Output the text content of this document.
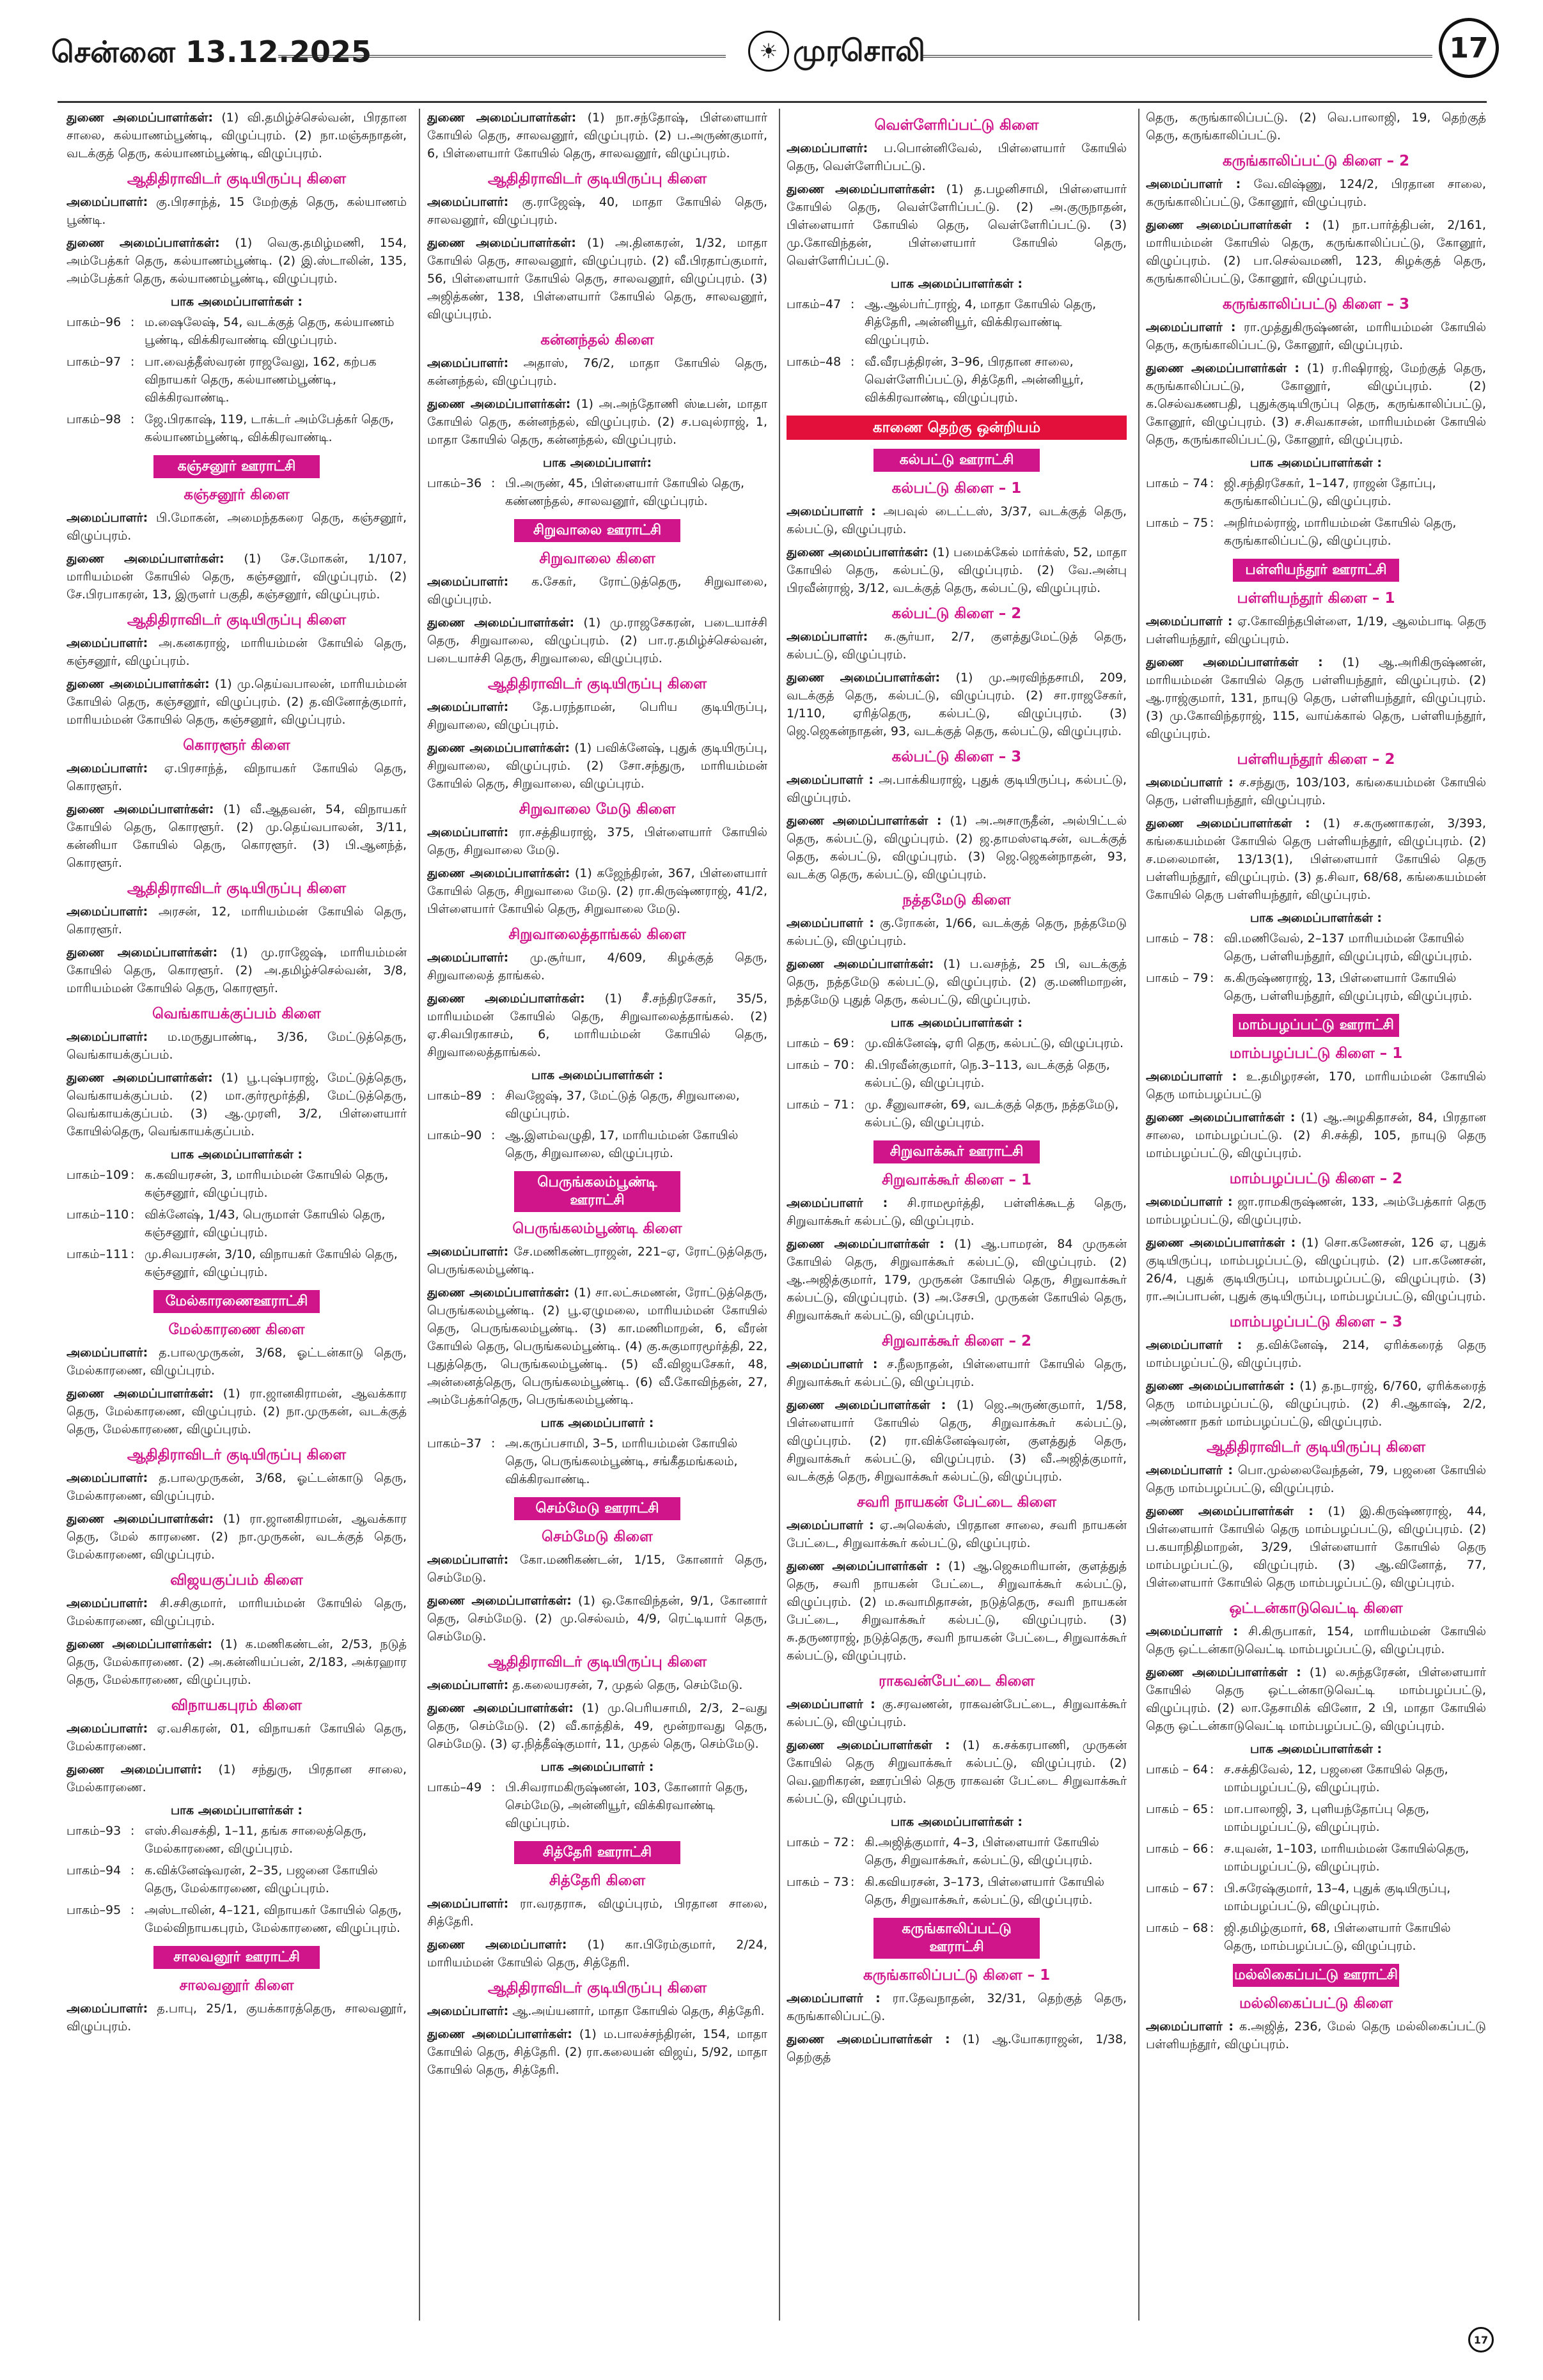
சென்னை 13.12.2025	☀ முரசொலி	17

துணை அமைப்பாளர்கள்: (1) வி.தமிழ்ச்செல்வன், பிரதான சாலை, கல்யாணம்பூண்டி, விழுப்புரம். (2) நா.மஞ்சுநாதன், வடக்குத் தெரு, கல்யாணம்பூண்டி, விழுப்புரம்.

ஆதிதிராவிடர் குடியிருப்பு கிளை

அமைப்பாளர்: கு.பிரசாந்த், 15 மேற்குத் தெரு, கல்யாணம் பூண்டி.

துணை அமைப்பாளர்கள்: (1) வெகு.தமிழ்மணி, 154, அம்பேத்கர் தெரு, கல்யாணம்பூண்டி. (2) இ.ஸ்டாலின், 135, அம்பேத்கர் தெரு, கல்யாணம்பூண்டி, விழுப்புரம்.

பாக அமைப்பாளர்கள் :
பாகம்–96 : ம.ஷைலேஷ், 54, வடக்குத் தெரு, கல்யாணம் பூண்டி, விக்கிரவாண்டி விழுப்புரம்.
பாகம்–97 : பா.வைத்தீஸ்வரன் ராஜவேலு, 162, கற்பக விநாயகர் தெரு, கல்யாணம்பூண்டி, விக்கிரவாண்டி.
பாகம்–98 : ஜே.பிரகாஷ், 119, டாக்டர் அம்பேத்கர் தெரு, கல்யாணம்பூண்டி, விக்கிரவாண்டி.
கஞ்சனூர் ஊராட்சி
கஞ்சனூர் கிளை

அமைப்பாளர்: பி.மோகன், அமைந்தகரை தெரு, கஞ்சனூர், விழுப்புரம்.

துணை அமைப்பாளர்கள்: (1) சே.மோகன், 1/107, மாரியம்மன் கோயில் தெரு, கஞ்சனூர், விழுப்புரம். (2) சே.பிரபாகரன், 13, இருளர் பகுதி, கஞ்சனூர், விழுப்புரம்.

ஆதிதிராவிடர் குடியிருப்பு கிளை

அமைப்பாளர்: அ.கனகராஜ், மாரியம்மன் கோயில் தெரு, கஞ்சனூர், விழுப்புரம்.

துணை அமைப்பாளர்கள்: (1) மு.தெய்வபாலன், மாரியம்மன் கோயில் தெரு, கஞ்சனூர், விழுப்புரம். (2) த.வினோத்குமார், மாரியம்மன் கோயில் தெரு, கஞ்சனூர், விழுப்புரம்.

கொரளூர் கிளை

அமைப்பாளர்: ஏ.பிரசாந்த், விநாயகர் கோயில் தெரு, கொரளூர்.

துணை அமைப்பாளர்கள்: (1) வீ.ஆதவன், 54, விநாயகர் கோயில் தெரு, கொரளூர். (2) மு.தெய்வபாலன், 3/11, கன்னியா கோயில் தெரு, கொரளூர். (3) பி.ஆனந்த், கொரளூர்.

ஆதிதிராவிடர் குடியிருப்பு கிளை

அமைப்பாளர்: அரசன், 12, மாரியம்மன் கோயில் தெரு, கொரளூர்.

துணை அமைப்பாளர்கள்: (1) மு.ராஜேஷ், மாரியம்மன் கோயில் தெரு, கொரளூர். (2) அ.தமிழ்ச்செல்வன், 3/8, மாரியம்மன் கோயில் தெரு, கொரளூர்.

வெங்காயக்குப்பம் கிளை

அமைப்பாளர்: ம.மருதுபாண்டி, 3/36, மேட்டுத்தெரு, வெங்காயக்குப்பம்.

துணை அமைப்பாளர்கள்: (1) பூ.புஷ்பராஜ், மேட்டுத்தெரு, வெங்காயக்குப்பம். (2) மா.குர்ரமூர்த்தி, மேட்டுத்தெரு, வெங்காயக்குப்பம். (3) ஆ.முரளி, 3/2, பிள்ளையார் கோயில்தெரு, வெங்காயக்குப்பம்.

பாக அமைப்பாளர்கள் :
பாகம்–109 : க.கவியரசன், 3, மாரியம்மன் கோயில் தெரு, கஞ்சனூர், விழுப்புரம்.
பாகம்–110 : விக்னேஷ், 1/43, பெருமாள் கோயில் தெரு, கஞ்சனூர், விழுப்புரம்.
பாகம்–111 : மு.சிவபரசன், 3/10, விநாயகர் கோயில் தெரு, கஞ்சனூர், விழுப்புரம்.
மேல்காரணைஊராட்சி
மேல்காரணை கிளை

அமைப்பாளர்: த.பாலமுருகன், 3/68, ஓட்டன்காடு தெரு, மேல்காரணை, விழுப்புரம்.

துணை அமைப்பாளர்கள்: (1) ரா.ஜானகிராமன், ஆவக்கார தெரு, மேல்காரணை, விழுப்புரம். (2) நா.முருகன், வடக்குத் தெரு, மேல்காரணை, விழுப்புரம்.

ஆதிதிராவிடர் குடியிருப்பு கிளை

அமைப்பாளர்: த.பாலமுருகன், 3/68, ஓட்டன்காடு தெரு, மேல்காரணை, விழுப்புரம்.

துணை அமைப்பாளர்கள்: (1) ரா.ஜானகிராமன், ஆவக்கார தெரு, மேல் காரணை. (2) நா.முருகன், வடக்குத் தெரு, மேல்காரணை, விழுப்புரம்.

விஜயகுப்பம் கிளை

அமைப்பாளர்: சி.சசிகுமார், மாரியம்மன் கோயில் தெரு, மேல்காரணை, விழுப்புரம்.

துணை அமைப்பாளர்கள்: (1) க.மணிகண்டன், 2/53, நடுத் தெரு, மேல்காரணை. (2) அ.கன்னியப்பன், 2/183, அக்ரஹார தெரு, மேல்காரணை, விழுப்புரம்.

விநாயகபுரம் கிளை

அமைப்பாளர்: ஏ.வசிகரன், 01, விநாயகர் கோயில் தெரு, மேல்காரணை.

துணை அமைப்பாளர்: (1) சந்துரு, பிரதான சாலை, மேல்காரணை.

பாக அமைப்பாளர்கள் :
பாகம்–93 : எஸ்.சிவசக்தி, 1–11, தங்க சாலைத்தெரு, மேல்காரணை, விழுப்புரம்.
பாகம்–94 : க.விக்னேஷ்வரன், 2–35, பஜனை கோயில் தெரு, மேல்காரணை, விழுப்புரம்.
பாகம்–95 : அஸ்டாலின், 4–121, விநாயகர் கோயில் தெரு, மேல்விநாயகபுரம், மேல்காரணை, விழுப்புரம்.
சாலவனூர் ஊராட்சி
சாலவனூர் கிளை

அமைப்பாளர்: த.பாபு, 25/1, குயக்காரத்தெரு, சாலவனூர், விழுப்புரம்.

துணை அமைப்பாளர்கள்: (1) நா.சந்தோஷ், பிள்ளையார் கோயில் தெரு, சாலவனூர், விழுப்புரம். (2) ப.அருண்குமார், 6, பிள்ளையார் கோயில் தெரு, சாலவனூர், விழுப்புரம்.

ஆதிதிராவிடர் குடியிருப்பு கிளை

அமைப்பாளர்: கு.ராஜேஷ், 40, மாதா கோயில் தெரு, சாலவனூர், விழுப்புரம்.

துணை அமைப்பாளர்கள்: (1) அ.தினகரன், 1/32, மாதா கோயில் தெரு, சாலவனூர், விழுப்புரம். (2) வீ.பிரதாப்குமார், 56, பிள்ளையார் கோயில் தெரு, சாலவனூர், விழுப்புரம். (3) அஜித்கண், 138, பிள்ளையார் கோயில் தெரு, சாலவனூர், விழுப்புரம்.

கன்னந்தல் கிளை

அமைப்பாளர்: அதாஸ், 76/2, மாதா கோயில் தெரு, கன்னந்தல், விழுப்புரம்.

துணை அமைப்பாளர்கள்: (1) அ.அந்தோணி ஸ்டீபன், மாதா கோயில் தெரு, கன்னந்தல், விழுப்புரம். (2) ச.பவுல்ராஜ், 1, மாதா கோயில் தெரு, கன்னந்தல், விழுப்புரம்.

பாக அமைப்பாளர்:
பாகம்–36 : பி.அருண், 45, பிள்ளையார் கோயில் தெரு, கண்ணந்தல், சாலவனூர், விழுப்புரம்.
சிறுவாலை ஊராட்சி
சிறுவாலை கிளை

அமைப்பாளர்: க.சேகர், ரோட்டுத்தெரு, சிறுவாலை, விழுப்புரம்.

துணை அமைப்பாளர்கள்: (1) மு.ராஜசேகரன், படையாச்சி தெரு, சிறுவாலை, விழுப்புரம். (2) பா.ர.தமிழ்ச்செல்வன், படையாச்சி தெரு, சிறுவாலை, விழுப்புரம்.

ஆதிதிராவிடர் குடியிருப்பு கிளை

அமைப்பாளர்: தே.பரந்தாமன், பெரிய குடியிருப்பு, சிறுவாலை, விழுப்புரம்.

துணை அமைப்பாளர்கள்: (1) பவிக்னேஷ், புதுக் குடியிருப்பு, சிறுவாலை, விழுப்புரம். (2) சோ.சந்துரு, மாரியம்மன் கோயில் தெரு, சிறுவாலை, விழுப்புரம்.

சிறுவாலை மேடு கிளை

அமைப்பாளர்: ரா.சத்தியராஜ், 375, பிள்ளையார் கோயில் தெரு, சிறுவாலை மேடு.

துணை அமைப்பாளர்கள்: (1) கஜேந்திரன், 367, பிள்ளையார் கோயில் தெரு, சிறுவாலை மேடு. (2) ரா.கிருஷ்ணராஜ், 41/2, பிள்ளையார் கோயில் தெரு, சிறுவாலை மேடு.

சிறுவாலைத்தாங்கல் கிளை

அமைப்பாளர்: மு.சூர்யா, 4/609, கிழக்குத் தெரு, சிறுவாலைத் தாங்கல்.

துணை அமைப்பாளர்கள்: (1) சீ.சந்திரசேகர், 35/5, மாரியம்மன் கோயில் தெரு, சிறுவாலைத்தாங்கல். (2) ஏ.சிவபிரகாசம், 6, மாரியம்மன் கோயில் தெரு, சிறுவாலைத்தாங்கல்.

பாக அமைப்பாளர்கள் :
பாகம்–89 : சிவஜேஷ், 37, மேட்டுத் தெரு, சிறுவாலை, விழுப்புரம்.
பாகம்–90 : ஆ.இளம்வழுதி, 17, மாரியம்மன் கோயில் தெரு, சிறுவாலை, விழுப்புரம்.
பெருங்கலம்பூண்டி ஊராட்சி
பெருங்கலம்பூண்டி கிளை

அமைப்பாளர்: சே.மணிகண்டராஜன், 221–ஏ, ரோட்டுத்தெரு, பெருங்கலம்பூண்டி.

துணை அமைப்பாளர்கள்: (1) சா.லட்சுமணன், ரோட்டுத்தெரு, பெருங்கலம்பூண்டி. (2) பூ.ஏழுமலை, மாரியம்மன் கோயில் தெரு, பெருங்கலம்பூண்டி. (3) கா.மணிமாறன், 6, வீரன் கோயில் தெரு, பெருங்கலம்பூண்டி. (4) கு.சுகுமாரமூர்த்தி, 22, புதுத்தெரு, பெருங்கலம்பூண்டி. (5) வீ.விஜயசேகர், 48, அன்னைத்தெரு, பெருங்கலம்பூண்டி. (6) வீ.கோவிந்தன், 27, அம்பேத்கர்தெரு, பெருங்கலம்பூண்டி.

பாக அமைப்பாளர் :
பாகம்–37 : அ.கருப்பசாமி, 3–5, மாரியம்மன் கோயில் தெரு, பெருங்கலம்பூண்டி, சங்கீதமங்கலம், விக்கிரவாண்டி.
செம்மேடு ஊராட்சி
செம்மேடு கிளை

அமைப்பாளர்: கோ.மணிகண்டன், 1/15, கோனார் தெரு, செம்மேடு.

துணை அமைப்பாளர்கள்: (1) ஒ.கோவிந்தன், 9/1, கோனார் தெரு, செம்மேடு. (2) மு.செல்வம், 4/9, ரெட்டியார் தெரு, செம்மேடு.

ஆதிதிராவிடர் குடியிருப்பு கிளை

அமைப்பாளர்: த.கலையரசன், 7, முதல் தெரு, செம்மேடு.

துணை அமைப்பாளர்கள்: (1) மு.பெரியசாமி, 2/3, 2–வது தெரு, செம்மேடு. (2) வீ.காத்திக், 49, மூன்றாவது தெரு, செம்மேடு. (3) ஏ.நித்தீஷ்குமார், 11, முதல் தெரு, செம்மேடு.

பாக அமைப்பாளர் :
பாகம்–49 : பி.சிவராமகிருஷ்ணன், 103, கோனார் தெரு, செம்மேடு, அன்னியூர், விக்கிரவாண்டி விழுப்புரம்.
சித்தேரி ஊராட்சி
சித்தேரி கிளை

அமைப்பாளர்: ரா.வரதராசு, விழுப்புரம், பிரதான சாலை, சித்தேரி.

துணை அமைப்பாளர்: (1) கா.பிரேம்குமார், 2/24, மாரியம்மன் கோயில் தெரு, சித்தேரி.

ஆதிதிராவிடர் குடியிருப்பு கிளை

அமைப்பாளர்: ஆ.அய்யனார், மாதா கோயில் தெரு, சித்தேரி.

துணை அமைப்பாளர்கள்: (1) ம.பாலச்சந்திரன், 154, மாதா கோயில் தெரு, சித்தேரி. (2) ரா.கலையன் விஜய், 5/92, மாதா கோயில் தெரு, சித்தேரி.

வெள்ளேரிப்பட்டு கிளை

அமைப்பாளர்: ப.பொன்னிவேல், பிள்ளையார் கோயில் தெரு, வெள்ளேரிப்பட்டு.

துணை அமைப்பாளர்கள்: (1) த.பழனிசாமி, பிள்ளையார் கோயில் தெரு, வெள்ளேரிப்பட்டு. (2) அ.குருநாதன், பிள்ளையார் கோயில் தெரு, வெள்ளேரிப்பட்டு. (3) மு.கோவிந்தன், பிள்ளையார் கோயில் தெரு, வெள்ளேரிப்பட்டு.

பாக அமைப்பாளர்கள் :
பாகம்–47 : ஆ.ஆல்பர்ட்ராஜ், 4, மாதா கோயில் தெரு, சித்தேரி, அன்னியூர், விக்கிரவாண்டி விழுப்புரம்.
பாகம்–48 : வீ.வீரபத்திரன், 3–96, பிரதான சாலை, வெள்ளேரிப்பட்டு, சித்தேரி, அன்னியூர், விக்கிரவாண்டி, விழுப்புரம்.
காணை தெற்கு ஒன்றியம்
கல்பட்டு ஊராட்சி
கல்பட்டு கிளை – 1

அமைப்பாளர் : அபவுல் டைட்டஸ், 3/37, வடக்குத் தெரு, கல்பட்டு, விழுப்புரம்.

துணை அமைப்பாளர்கள்: (1) பமைக்கேல் மார்க்ஸ், 52, மாதா கோயில் தெரு, கல்பட்டு, விழுப்புரம். (2) வே.அன்பு பிரவீன்ராஜ், 3/12, வடக்குத் தெரு, கல்பட்டு, விழுப்புரம்.

கல்பட்டு கிளை – 2

அமைப்பாளர்: சு.சூர்யா, 2/7, குளத்துமேட்டுத் தெரு, கல்பட்டு, விழுப்புரம்.

துணை அமைப்பாளர்கள்: (1) மு.அரவிந்தசாமி, 209, வடக்குத் தெரு, கல்பட்டு, விழுப்புரம். (2) சா.ராஜசேகர், 1/110, ஏரித்தெரு, கல்பட்டு, விழுப்புரம். (3) ஜெ.ஜெகன்நாதன், 93, வடக்குத் தெரு, கல்பட்டு, விழுப்புரம்.

கல்பட்டு கிளை – 3

அமைப்பாளர் : அ.பாக்கியராஜ், புதுக் குடியிருப்பு, கல்பட்டு, விழுப்புரம்.

துணை அமைப்பாளர்கள் : (1) அ.அசாருதீன், அல்பிட்டல் தெரு, கல்பட்டு, விழுப்புரம். (2) ஜ.தாமஸ்எடிசன், வடக்குத் தெரு, கல்பட்டு, விழுப்புரம். (3) ஜெ.ஜெகன்நாதன், 93, வடக்கு தெரு, கல்பட்டு, விழுப்புரம்.

நத்தமேடு கிளை

அமைப்பாளர் : கு.ரோகன், 1/66, வடக்குத் தெரு, நத்தமேடு கல்பட்டு, விழுப்புரம்.

துணை அமைப்பாளர்கள்: (1) ப.வசந்த், 25 பி, வடக்குத் தெரு, நத்தமேடு கல்பட்டு, விழுப்புரம். (2) கு.மணிமாறன், நத்தமேடு புதுத் தெரு, கல்பட்டு, விழுப்புரம்.

பாக அமைப்பாளர்கள் :
பாகம் – 69 : மு.விக்னேஷ், ஏரி தெரு, கல்பட்டு, விழுப்புரம்.
பாகம் – 70 : கி.பிரவீன்குமார், நெ.3–113, வடக்குத் தெரு, கல்பட்டு, விழுப்புரம்.
பாகம் – 71 : மு. சீனுவாசன், 69, வடக்குத் தெரு, நத்தமேடு, கல்பட்டு, விழுப்புரம்.
சிறுவாக்கூர் ஊராட்சி
சிறுவாக்கூர் கிளை – 1

அமைப்பாளர் : சி.ராமமூர்த்தி, பள்ளிக்கூடத் தெரு, சிறுவாக்கூர் கல்பட்டு, விழுப்புரம்.

துணை அமைப்பாளர்கள் : (1) ஆ.பாமரன், 84 முருகன் கோயில் தெரு, சிறுவாக்கூர் கல்பட்டு, விழுப்புரம். (2) ஆ.அஜித்குமார், 179, முருகன் கோயில் தெரு, சிறுவாக்கூர் கல்பட்டு, விழுப்புரம். (3) அ.சேசபி, முருகன் கோயில் தெரு, சிறுவாக்கூர் கல்பட்டு, விழுப்புரம்.

சிறுவாக்கூர் கிளை – 2

அமைப்பாளர் : ச.நீலநாதன், பிள்ளையார் கோயில் தெரு, சிறுவாக்கூர் கல்பட்டு, விழுப்புரம்.

துணை அமைப்பாளர்கள் : (1) ஜெ.அருண்குமார், 1/58, பிள்ளையார் கோயில் தெரு, சிறுவாக்கூர் கல்பட்டு, விழுப்புரம். (2) ரா.விக்னேஷ்வரன், குளத்துத் தெரு, சிறுவாக்கூர் கல்பட்டு, விழுப்புரம். (3) வீ.அஜித்குமார், வடக்குத் தெரு, சிறுவாக்கூர் கல்பட்டு, விழுப்புரம்.

சவரி நாயகன் பேட்டை கிளை

அமைப்பாளர் : ஏ.அலெக்ஸ், பிரதான சாலை, சவரி நாயகன் பேட்டை, சிறுவாக்கூர் கல்பட்டு, விழுப்புரம்.

துணை அமைப்பாளர்கள் : (1) ஆ.ஜெசுமரியான், குளத்துத் தெரு, சவரி நாயகன் பேட்டை, சிறுவாக்கூர் கல்பட்டு, விழுப்புரம். (2) ம.சுவாமிதாசன், நடுத்தெரு, சவரி நாயகன் பேட்டை, சிறுவாக்கூர் கல்பட்டு, விழுப்புரம். (3) சு.தருணராஜ், நடுத்தெரு, சவரி நாயகன் பேட்டை, சிறுவாக்கூர் கல்பட்டு, விழுப்புரம்.

ராகவன்பேட்டை கிளை

அமைப்பாளர் : கு.சரவணன், ராகவன்பேட்டை, சிறுவாக்கூர் கல்பட்டு, விழுப்புரம்.

துணை அமைப்பாளர்கள் : (1) க.சக்கரபாணி, முருகன் கோயில் தெரு சிறுவாக்கூர் கல்பட்டு, விழுப்புரம். (2) வெ.ஹரிகரன், ஊரப்பில் தெரு ராகவன் பேட்டை சிறுவாக்கூர் கல்பட்டு, விழுப்புரம்.

பாக அமைப்பாளர்கள் :
பாகம் – 72 : கி.அஜித்குமார், 4–3, பிள்ளையார் கோயில் தெரு, சிறுவாக்கூர், கல்பட்டு, விழுப்புரம்.
பாகம் – 73 : கி.கவியரசன், 3–173, பிள்ளையார் கோயில் தெரு, சிறுவாக்கூர், கல்பட்டு, விழுப்புரம்.
கருங்காலிப்பட்டு ஊராட்சி
கருங்காலிப்பட்டு கிளை – 1

அமைப்பாளர் : ரா.தேவநாதன், 32/31, தெற்குத் தெரு, கருங்காலிப்பட்டு.

துணை அமைப்பாளர்கள் : (1) ஆ.யோகராஜன், 1/38, தெற்குத்

தெரு, கருங்காலிப்பட்டு. (2) வெ.பாலாஜி, 19, தெற்குத் தெரு, கருங்காலிப்பட்டு.

கருங்காலிப்பட்டு கிளை – 2

அமைப்பாளர் : வே.விஷ்ணு, 124/2, பிரதான சாலை, கருங்காலிப்பட்டு, கோனூர், விழுப்புரம்.

துணை அமைப்பாளர்கள் : (1) நா.பார்த்திபன், 2/161, மாரியம்மன் கோயில் தெரு, கருங்காலிப்பட்டு, கோனூர், விழுப்புரம். (2) பா.செல்வமணி, 123, கிழக்குத் தெரு, கருங்காலிப்பட்டு, கோனூர், விழுப்புரம்.

கருங்காலிப்பட்டு கிளை – 3

அமைப்பாளர் : ரா.முத்துகிருஷ்ணன், மாரியம்மன் கோயில் தெரு, கருங்காலிப்பட்டு, கோனூர், விழுப்புரம்.

துணை அமைப்பாளர்கள் : (1) ர.ரிஷிராஜ், மேற்குத் தெரு, கருங்காலிப்பட்டு, கோனூர், விழுப்புரம். (2) க.செல்வகணபதி, புதுக்குடியிருப்பு தெரு, கருங்காலிப்பட்டு, கோனூர், விழுப்புரம். (3) ச.சிவகாசன், மாரியம்மன் கோயில் தெரு, கருங்காலிப்பட்டு, கோனூர், விழுப்புரம்.

பாக அமைப்பாளர்கள் :
பாகம் – 74 : ஜி.சந்திரசேகர், 1–147, ராஜன் தோப்பு, கருங்காலிப்பட்டு, விழுப்புரம்.
பாகம் – 75 : அநிர்மல்ராஜ், மாரியம்மன் கோயில் தெரு, கருங்காலிப்பட்டு, விழுப்புரம்.
பள்ளியந்தூர் ஊராட்சி
பள்ளியந்தூர் கிளை – 1

அமைப்பாளர் : ஏ.கோவிந்தபிள்ளை, 1/19, ஆலம்பாடி தெரு பள்ளியந்தூர், விழுப்புரம்.

துணை அமைப்பாளர்கள் : (1) ஆ.அரிகிருஷ்ணன், மாரியம்மன் கோயில் தெரு பள்ளியந்தூர், விழுப்புரம். (2) ஆ.ராஜ்குமார், 131, நாயுடு தெரு, பள்ளியந்தூர், விழுப்புரம். (3) மு.கோவிந்தராஜ், 115, வாய்க்கால் தெரு, பள்ளியந்தூர், விழுப்புரம்.

பள்ளியந்தூர் கிளை – 2

அமைப்பாளர் : ச.சந்துரு, 103/103, கங்கையம்மன் கோயில் தெரு, பள்ளியந்தூர், விழுப்புரம்.

துணை அமைப்பாளர்கள் : (1) ச.கருணாகரன், 3/393, கங்கையம்மன் கோயில் தெரு பள்ளியந்தூர், விழுப்புரம். (2) ச.மலைமான், 13/13(1), பிள்ளையார் கோயில் தெரு பள்ளியந்தூர், விழுப்புரம். (3) த.சிவா, 68/68, கங்கையம்மன் கோயில் தெரு பள்ளியந்தூர், விழுப்புரம்.

பாக அமைப்பாளர்கள் :
பாகம் – 78 : வி.மணிவேல், 2–137 மாரியம்மன் கோயில் தெரு, பள்ளியந்தூர், விழுப்புரம், விழுப்புரம்.
பாகம் – 79 : க.கிருஷ்ணராஜ், 13, பிள்ளையார் கோயில் தெரு, பள்ளியந்தூர், விழுப்புரம், விழுப்புரம்.
மாம்பழப்பட்டு ஊராட்சி
மாம்பழப்பட்டு கிளை – 1

அமைப்பாளர் : உ.தமிழரசன், 170, மாரியம்மன் கோயில் தெரு மாம்பழப்பட்டு

துணை அமைப்பாளர்கள் : (1) ஆ.அழகிதாசன், 84, பிரதான சாலை, மாம்பழப்பட்டு. (2) சி.சக்தி, 105, நாயுடு தெரு மாம்பழப்பட்டு, விழுப்புரம்.

மாம்பழப்பட்டு கிளை – 2

அமைப்பாளர் : ஜா.ராமகிருஷ்ணன், 133, அம்பேத்கார் தெரு மாம்பழப்பட்டு, விழுப்புரம்.

துணை அமைப்பாளர்கள் : (1) சொ.கணேசன், 126 ஏ, புதுக் குடியிருப்பு, மாம்பழப்பட்டு, விழுப்புரம். (2) பா.கணேசன், 26/4, புதுக் குடியிருப்பு, மாம்பழப்பட்டு, விழுப்புரம். (3) ரா.அப்பாபன், புதுக் குடியிருப்பு, மாம்பழப்பட்டு, விழுப்புரம்.

மாம்பழப்பட்டு கிளை – 3

அமைப்பாளர் : த.விக்னேஷ், 214, ஏரிக்கரைத் தெரு மாம்பழப்பட்டு, விழுப்புரம்.

துணை அமைப்பாளர்கள் : (1) த.நடராஜ், 6/760, ஏரிக்கரைத் தெரு மாம்பழப்பட்டு, விழுப்புரம். (2) சி.ஆகாஷ், 2/2, அண்ணா நகர் மாம்பழப்பட்டு, விழுப்புரம்.

ஆதிதிராவிடர் குடியிருப்பு கிளை

அமைப்பாளர் : பொ.முல்லைவேந்தன், 79, பஜனை கோயில் தெரு மாம்பழப்பட்டு, விழுப்புரம்.

துணை அமைப்பாளர்கள் : (1) இ.கிருஷ்ணராஜ், 44, பிள்ளையார் கோயில் தெரு மாம்பழப்பட்டு, விழுப்புரம். (2) ப.கயாநிதிமாறன், 3/29, பிள்ளையார் கோயில் தெரு மாம்பழப்பட்டு, விழுப்புரம். (3) ஆ.வினோத், 77, பிள்ளையார் கோயில் தெரு மாம்பழப்பட்டு, விழுப்புரம்.

ஒட்டன்காடுவெட்டி கிளை

அமைப்பாளர் : சி.கிருபாகர், 154, மாரியம்மன் கோயில் தெரு ஒட்டன்காடுவெட்டி மாம்பழப்பட்டு, விழுப்புரம்.

துணை அமைப்பாளர்கள் : (1) ல.சுந்தரேசன், பிள்ளையார் கோயில் தெரு ஒட்டன்காடுவெட்டி மாம்பழப்பட்டு, விழுப்புரம். (2) லா.தேசாமிக் வினோ, 2 பி, மாதா கோயில் தெரு ஒட்டன்காடுவெட்டி மாம்பழப்பட்டு, விழுப்புரம்.

பாக அமைப்பாளர்கள் :
பாகம் – 64 : ச.சக்திவேல், 12, பஜனை கோயில் தெரு, மாம்பழப்பட்டு, விழுப்புரம்.
பாகம் – 65 : மா.பாலாஜி, 3, புளியந்தோப்பு தெரு, மாம்பழப்பட்டு, விழுப்புரம்.
பாகம் – 66 : ச.யுவன், 1–103, மாரியம்மன் கோயில்தெரு, மாம்பழப்பட்டு, விழுப்புரம்.
பாகம் – 67 : பி.சுரேஷ்குமார், 13–4, புதுக் குடியிருப்பு, மாம்பழப்பட்டு, விழுப்புரம்.
பாகம் – 68 : ஜி.தமிழ்குமார், 68, பிள்ளையார் கோயில் தெரு, மாம்பழப்பட்டு, விழுப்புரம்.
மல்லிகைப்பட்டு ஊராட்சி
மல்லிகைப்பட்டு கிளை

அமைப்பாளர் : க.அஜித், 236, மேல் தெரு மல்லிகைப்பட்டு பள்ளியந்தூர், விழுப்புரம்.

17
